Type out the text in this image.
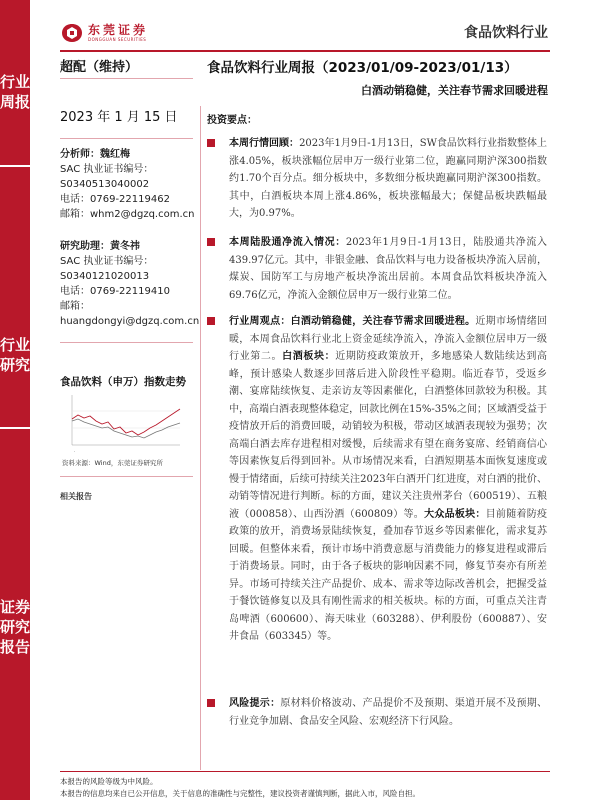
行业周报
行业研究
证券研究报告
东莞证券
DONGGUAN SECURITIES	食品饮料行业
超配（维持）	食品饮料行业周报（2023/01/09-2023/01/13）
白酒动销稳健，关注春节需求回暖进程
2023 年 1 月 15 日
分析师：魏红梅
SAC 执业证书编号：
S0340513040002
电话：0769-22119462
邮箱：whm2@dgzq.com.cn
研究助理：黄冬祎
SAC 执业证书编号：
S0340121020013
电话：0769-22119410
邮箱：
huangdongyi@dgzq.com.cn
食品饮料（申万）指数走势
·
资料来源：Wind，东莞证券研究所
相关报告
投资要点：
本周行情回顾：2023年1月9日-1月13日，SW食品饮料行业指数整体上涨4.05%，板块涨幅位居申万一级行业第二位，跑赢同期沪深300指数约1.70个百分点。细分板块中，多数细分板块跑赢同期沪深300指数。其中，白酒板块本周上涨4.86%，板块涨幅最大；保健品板块跌幅最大，为0.97%。
本周陆股通净流入情况：2023年1月9日-1月13日，陆股通共净流入439.97亿元。其中，非银金融、食品饮料与电力设备板块净流入居前，煤炭、国防军工与房地产板块净流出居前。本周食品饮料板块净流入69.76亿元，净流入金额位居申万一级行业第二位。
行业周观点：白酒动销稳健，关注春节需求回暖进程。近期市场情绪回暖，本周食品饮料行业北上资金延续净流入，净流入金额位居申万一级行业第二。白酒板块：近期防疫政策放开，多地感染人数陆续达到高峰，预计感染人数逐步回落后进入阶段性平稳期。临近春节，受返乡潮、宴席陆续恢复、走亲访友等因素催化，白酒整体回款较为积极。其中，高端白酒表现整体稳定，回款比例在15%-35%之间；区域酒受益于疫情放开后的消费回暖，动销较为积极，带动区域酒表现较为强势；次高端白酒去库存进程相对缓慢，后续需求有望在商务宴席、经销商信心等因素恢复后得到回补。从市场情况来看，白酒短期基本面恢复速度或慢于情绪面，后续可持续关注2023年白酒开门红进度，对白酒的批价、动销等情况进行判断。标的方面，建议关注贵州茅台（600519）、五粮液（000858）、山西汾酒（600809）等。大众品板块：目前随着防疫政策的放开，消费场景陆续恢复，叠加春节返乡等因素催化，需求复苏回暖。但整体来看，预计市场中消费意愿与消费能力的修复进程或滞后于消费场景。同时，由于各子板块的影响因素不同，修复节奏亦有所差异。市场可持续关注产品提价、成本、需求等边际改善机会，把握受益于餐饮链修复以及具有刚性需求的相关板块。标的方面，可重点关注青岛啤酒（600600）、海天味业（603288）、伊利股份（600887）、安井食品（603345）等。
风险提示：原材料价格波动、产品提价不及预期、渠道开展不及预期、行业竞争加剧、食品安全风险、宏观经济下行风险。
本报告的风险等级为中风险。
本报告的信息均来自已公开信息，关于信息的准确性与完整性，建议投资者谨慎判断，据此入市，风险自担。
